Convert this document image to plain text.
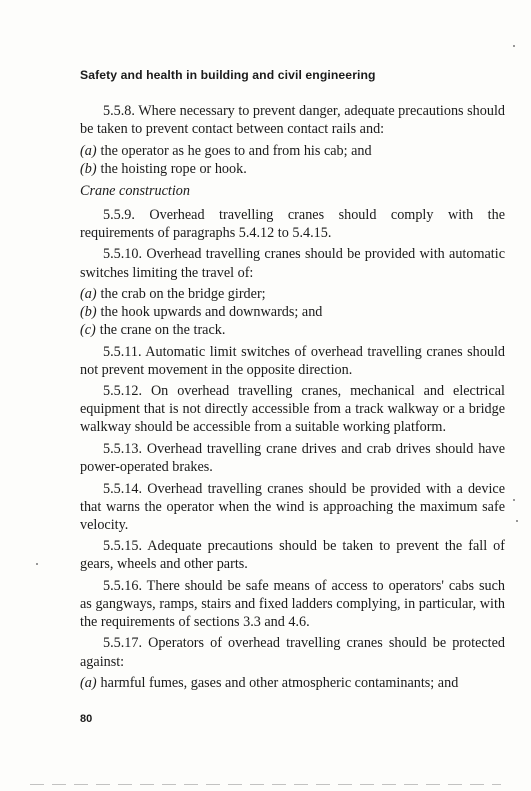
Safety and health in building and civil engineering

5.5.8. Where necessary to prevent danger, adequate precautions should be taken to prevent contact between contact rails and:

(a) the operator as he goes to and from his cab; and
(b) the hoisting rope or hook.
Crane construction

5.5.9. Overhead travelling cranes should comply with the requirements of paragraphs 5.4.12 to 5.4.15.

5.5.10. Overhead travelling cranes should be provided with automatic switches limiting the travel of:

(a) the crab on the bridge girder;
(b) the hook upwards and downwards; and
(c) the crane on the track.

5.5.11. Automatic limit switches of overhead travelling cranes should not prevent movement in the opposite direction.

5.5.12. On overhead travelling cranes, mechanical and electrical equipment that is not directly accessible from a track walkway or a bridge walkway should be accessible from a suitable working platform.

5.5.13. Overhead travelling crane drives and crab drives should have power-operated brakes.

5.5.14. Overhead travelling cranes should be provided with a device that warns the operator when the wind is approaching the maximum safe velocity.

5.5.15. Adequate precautions should be taken to prevent the fall of gears, wheels and other parts.

5.5.16. There should be safe means of access to operators' cabs such as gangways, ramps, stairs and fixed ladders complying, in particular, with the requirements of sections 3.3 and 4.6.

5.5.17. Operators of overhead travelling cranes should be protected against:

(a) harmful fumes, gases and other atmospheric contaminants; and
80
